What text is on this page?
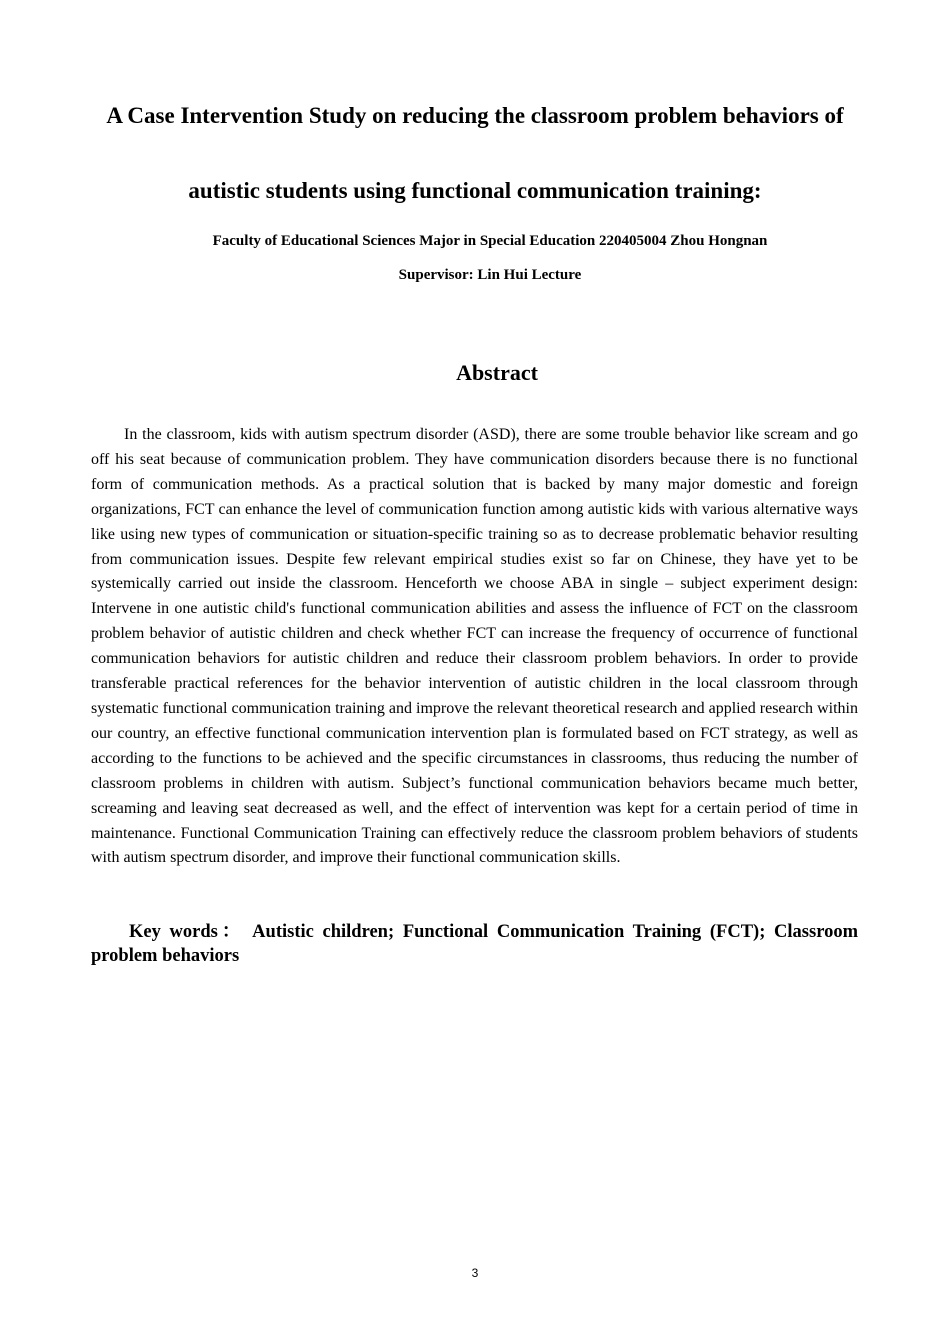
A Case Intervention Study on reducing the classroom problem behaviors of
autistic students using functional communication training:
Faculty of Educational Sciences Major in Special Education 220405004 Zhou Hongnan
Supervisor: Lin Hui Lecture
Abstract

In the classroom, kids with autism spectrum disorder (ASD), there are some trouble behavior like scream and go off his seat because of communication problem. They have communication disorders because there is no functional form of communication methods. As a practical solution that is backed by many major domestic and foreign organizations, FCT can enhance the level of communication function among autistic kids with various alternative ways like using new types of communication or situation-specific training so as to decrease problematic behavior resulting from communication issues. Despite few relevant empirical studies exist so far on Chinese, they have yet to be systemically carried out inside the classroom. Henceforth we choose ABA in single – subject experiment design: Intervene in one autistic child's functional communication abilities and assess the influence of FCT on the classroom problem behavior of autistic children and check whether FCT can increase the frequency of occurrence of functional communication behaviors for autistic children and reduce their classroom problem behaviors. In order to provide transferable practical references for the behavior intervention of autistic children in the local classroom through systematic functional communication training and improve the relevant theoretical research and applied research within our country, an effective functional communication intervention plan is formulated based on FCT strategy, as well as according to the functions to be achieved and the specific circumstances in classrooms, thus reducing the number of classroom problems in children with autism. Subject’s functional communication behaviors became much better, screaming and leaving seat decreased as well, and the effect of intervention was kept for a certain period of time in maintenance. Functional Communication Training can effectively reduce the classroom problem behaviors of students with autism spectrum disorder, and improve their functional communication skills.

Key words： Autistic children; Functional Communication Training (FCT); Classroom problem behaviors

3
